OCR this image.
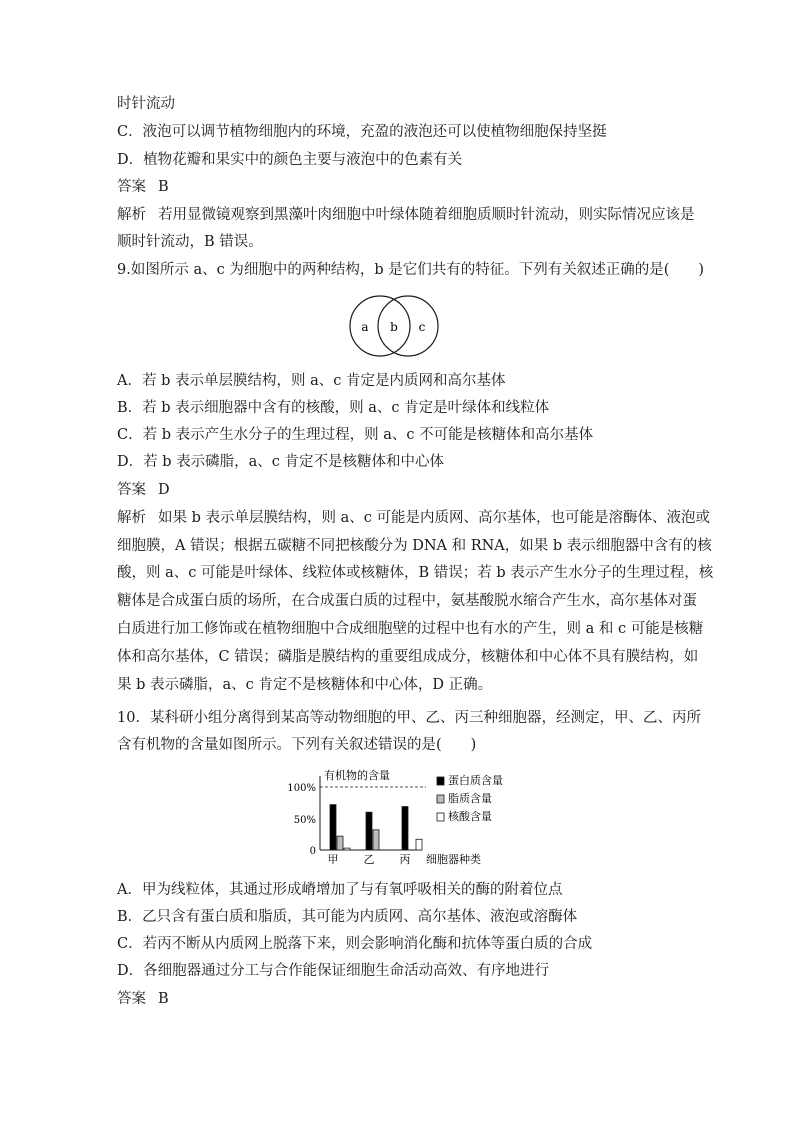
时针流动

C．液泡可以调节植物细胞内的环境，充盈的液泡还可以使植物细胞保持坚挺

D．植物花瓣和果实中的颜色主要与液泡中的色素有关

答案 B

解析 若用显微镜观察到黑藻叶肉细胞中叶绿体随着细胞质顺时针流动，则实际情况应该是

顺时针流动，B 错误。

9.如图所示 a、c 为细胞中的两种结构，b 是它们共有的特征。下列有关叙述正确的是(　　)

a b c

A．若 b 表示单层膜结构，则 a、c 肯定是内质网和高尔基体

B．若 b 表示细胞器中含有的核酸，则 a、c 肯定是叶绿体和线粒体

C．若 b 表示产生水分子的生理过程，则 a、c 不可能是核糖体和高尔基体

D．若 b 表示磷脂，a、c 肯定不是核糖体和中心体

答案 D

解析 如果 b 表示单层膜结构，则 a、c 可能是内质网、高尔基体，也可能是溶酶体、液泡或

细胞膜，A 错误；根据五碳糖不同把核酸分为 DNA 和 RNA，如果 b 表示细胞器中含有的核

酸，则 a、c 可能是叶绿体、线粒体或核糖体，B 错误；若 b 表示产生水分子的生理过程，核

糖体是合成蛋白质的场所，在合成蛋白质的过程中，氨基酸脱水缩合产生水，高尔基体对蛋

白质进行加工修饰或在植物细胞中合成细胞壁的过程中也有水的产生，则 a 和 c 可能是核糖

体和高尔基体，C 错误；磷脂是膜结构的重要组成成分，核糖体和中心体不具有膜结构，如

果 b 表示磷脂，a、c 肯定不是核糖体和中心体，D 正确。

10．某科研小组分离得到某高等动物细胞的甲、乙、丙三种细胞器，经测定，甲、乙、丙所

含有机物的含量如图所示。下列有关叙述错误的是(　　)

有机物的含量
细胞器种类
100%
50%
0
甲 乙 丙
蛋白质含量
脂质含量
核酸含量

A．甲为线粒体，其通过形成嵴增加了与有氧呼吸相关的酶的附着位点

B．乙只含有蛋白质和脂质，其可能为内质网、高尔基体、液泡或溶酶体

C．若丙不断从内质网上脱落下来，则会影响消化酶和抗体等蛋白质的合成

D．各细胞器通过分工与合作能保证细胞生命活动高效、有序地进行

答案 B
